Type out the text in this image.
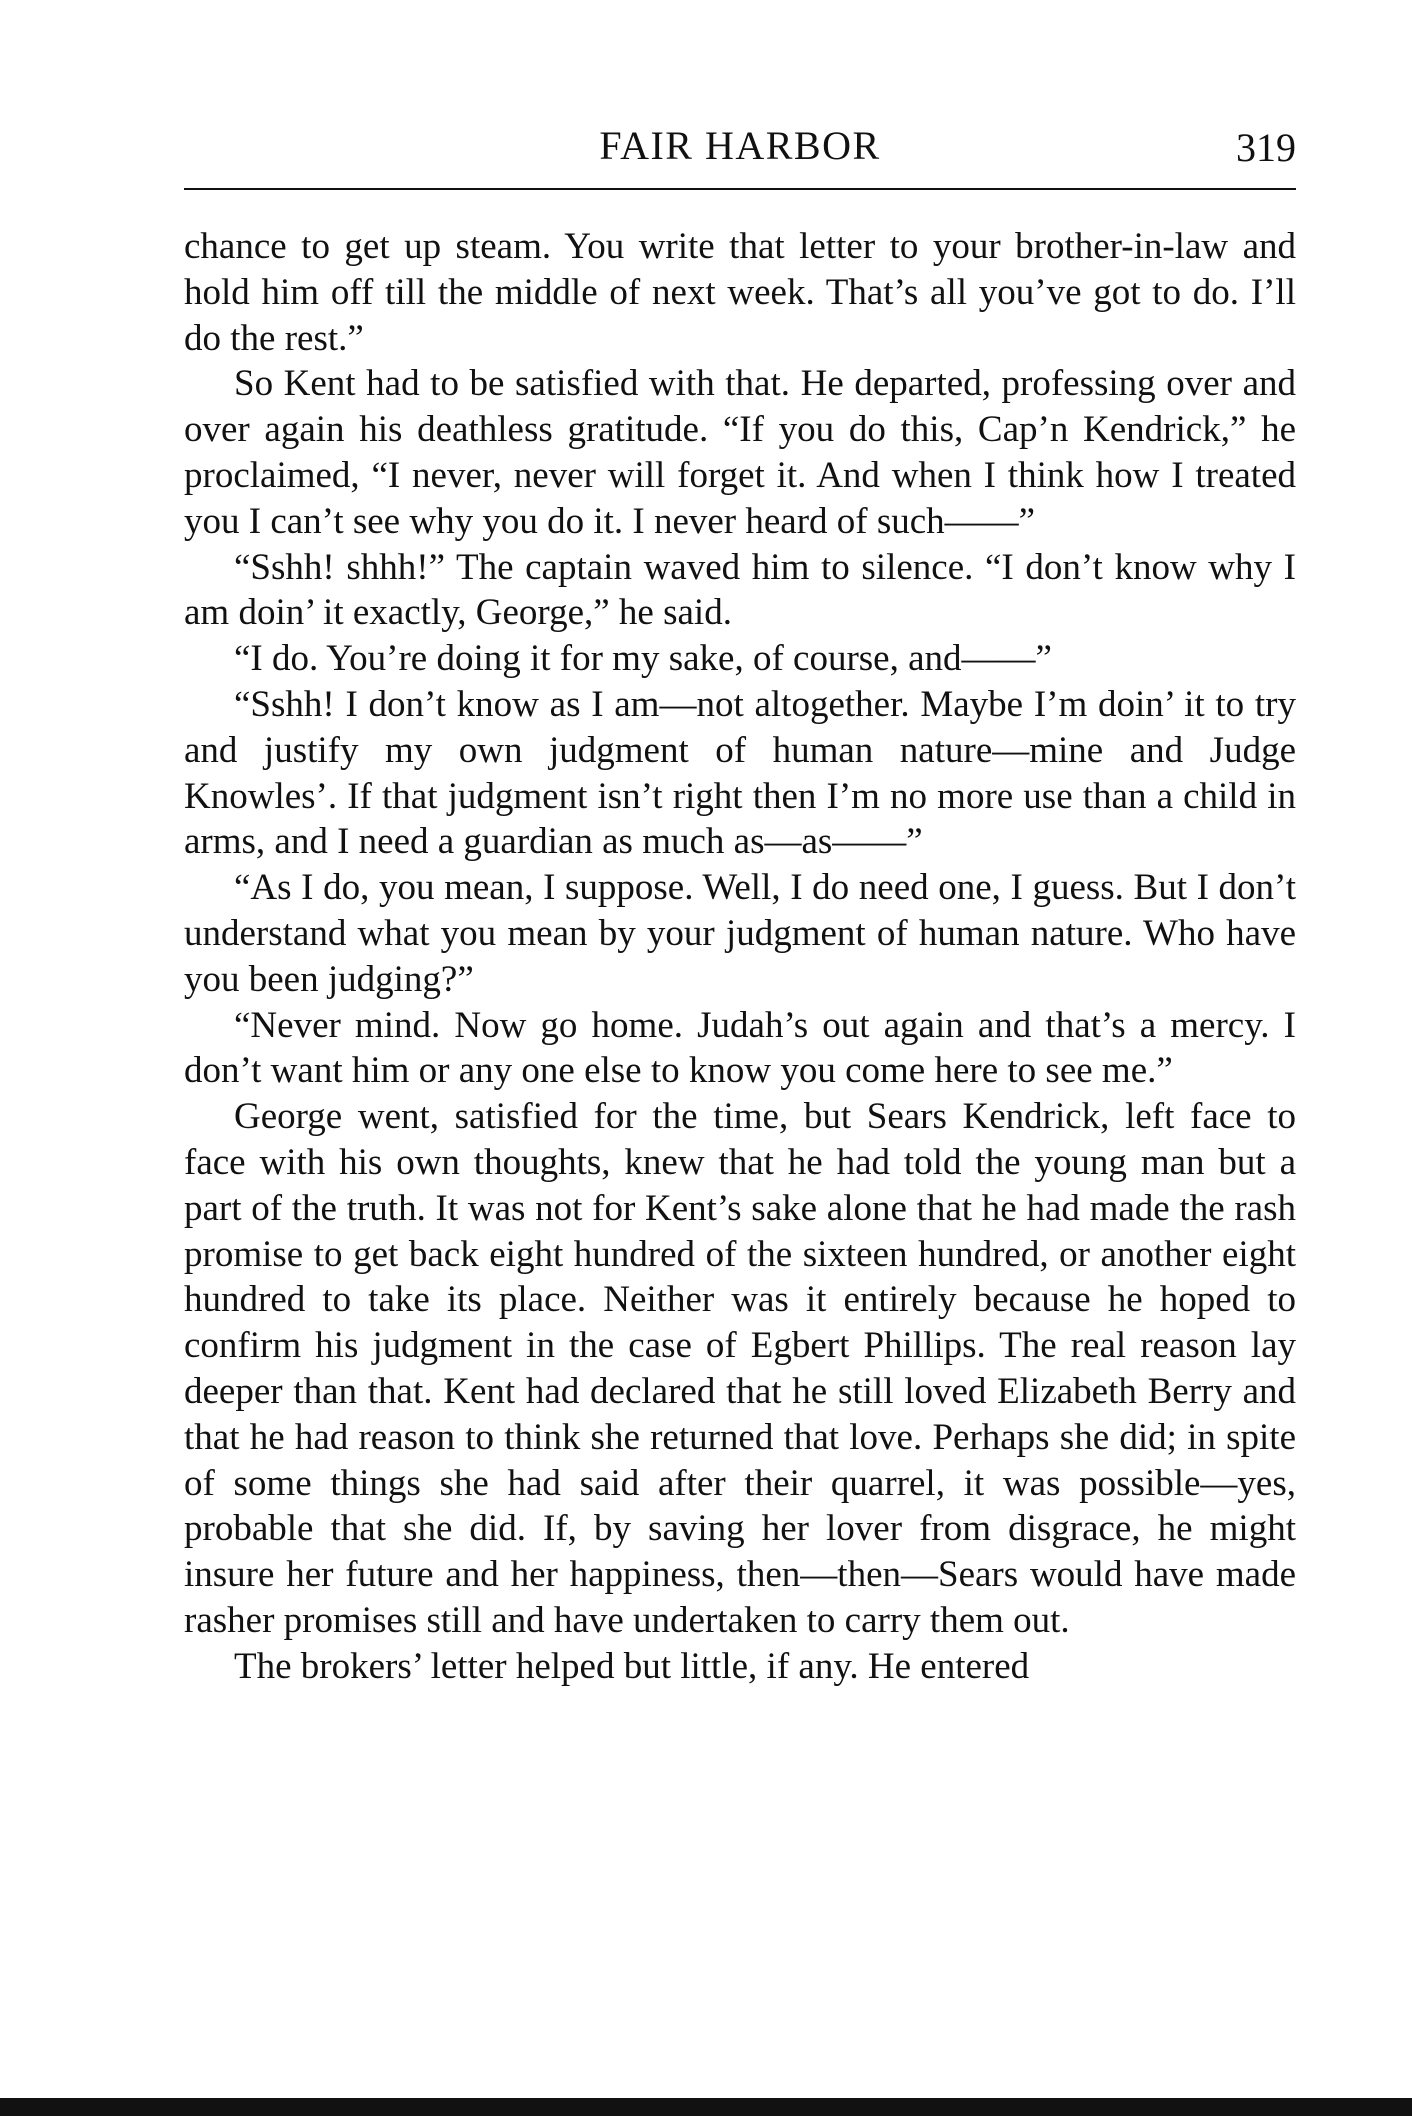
FAIR HARBOR	319

chance to get up steam. You write that letter to your brother-in-law and hold him off till the middle of next week. That’s all you’ve got to do. I’ll do the rest.”

So Kent had to be satisfied with that. He departed, professing over and over again his deathless gratitude. “If you do this, Cap’n Kendrick,” he proclaimed, “I never, never will forget it. And when I think how I treated you I can’t see why you do it. I never heard of such——”

“Sshh! shhh!” The captain waved him to silence. “I don’t know why I am doin’ it exactly, George,” he said.

“I do. You’re doing it for my sake, of course, and——”

“Sshh! I don’t know as I am—not altogether. Maybe I’m doin’ it to try and justify my own judgment of human nature—mine and Judge Knowles’. If that judgment isn’t right then I’m no more use than a child in arms, and I need a guardian as much as—as——”

“As I do, you mean, I suppose. Well, I do need one, I guess. But I don’t understand what you mean by your judgment of human nature. Who have you been judging?”

“Never mind. Now go home. Judah’s out again and that’s a mercy. I don’t want him or any one else to know you come here to see me.”

George went, satisfied for the time, but Sears Kendrick, left face to face with his own thoughts, knew that he had told the young man but a part of the truth. It was not for Kent’s sake alone that he had made the rash promise to get back eight hundred of the sixteen hundred, or another eight hundred to take its place. Neither was it entirely because he hoped to confirm his judgment in the case of Egbert Phillips. The real reason lay deeper than that. Kent had declared that he still loved Elizabeth Berry and that he had reason to think she returned that love. Perhaps she did; in spite of some things she had said after their quarrel, it was possible—yes, probable that she did. If, by saving her lover from disgrace, he might insure her future and her happiness, then—then—Sears would have made rasher promises still and have undertaken to carry them out.

The brokers’ letter helped but little, if any. He entered
